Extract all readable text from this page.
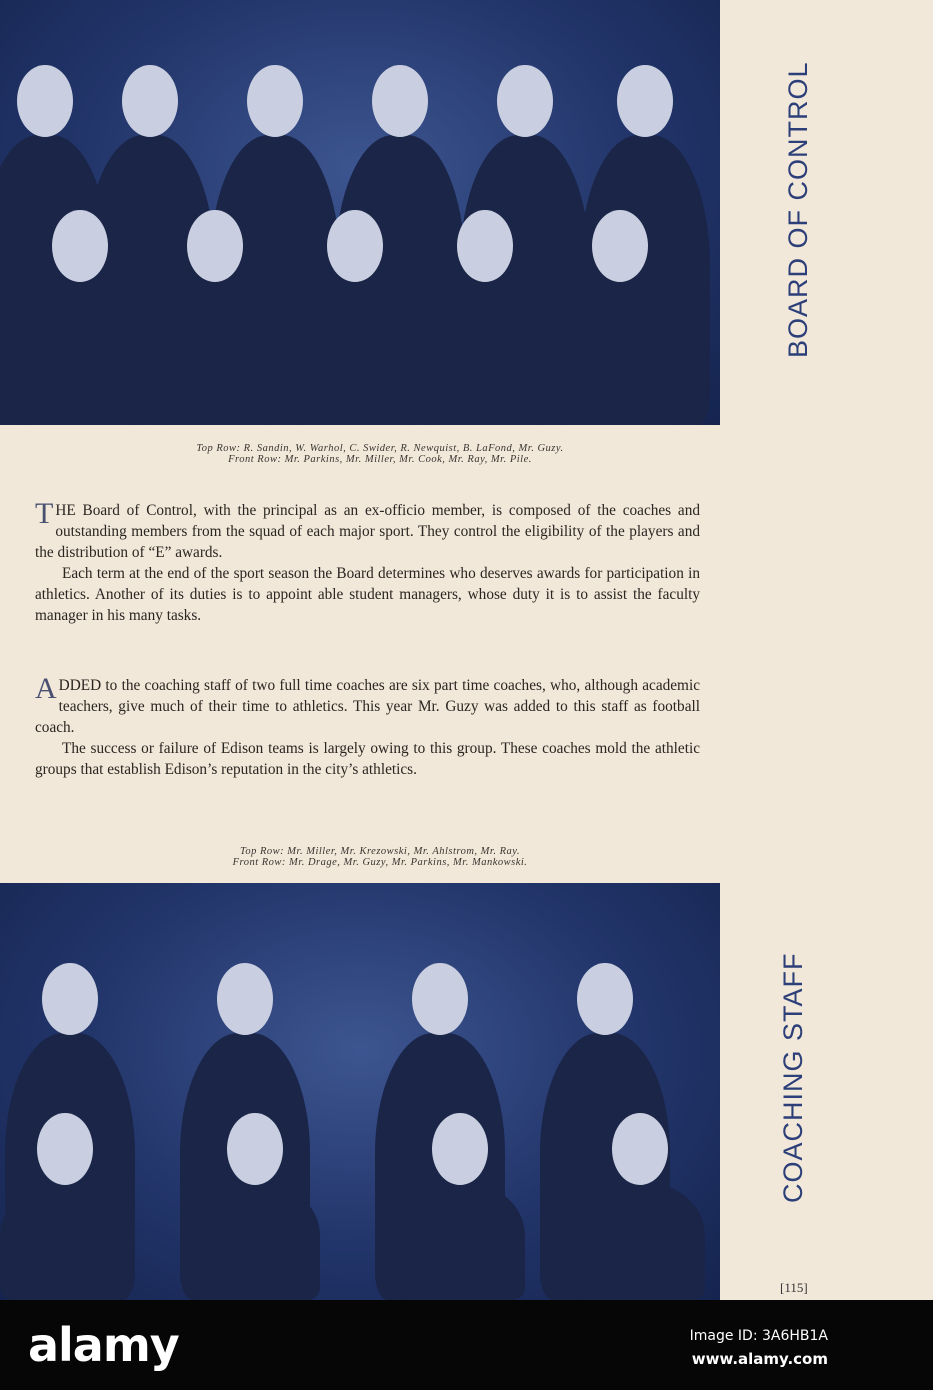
Top Row: R. Sandin, W. Warhol, C. Swider, R. Newquist, B. LaFond, Mr. Guzy.
Front Row: Mr. Parkins, Mr. Miller, Mr. Cook, Mr. Ray, Mr. Pile.

THE Board of Control, with the principal as an ex-officio member, is composed of the coaches and outstanding members from the squad of each major sport. They control the eligibility of the players and the distribution of “E” awards.

Each term at the end of the sport season the Board determines who deserves awards for participation in athletics. Another of its duties is to appoint able student managers, whose duty it is to assist the faculty manager in his many tasks.

ADDED to the coaching staff of two full time coaches are six part time coaches, who, although academic teachers, give much of their time to athletics. This year Mr. Guzy was added to this staff as football coach.

The success or failure of Edison teams is largely owing to this group. These coaches mold the athletic groups that establish Edison’s reputation in the city’s athletics.

Top Row: Mr. Miller, Mr. Krezowski, Mr. Ahlstrom, Mr. Ray.
Front Row: Mr. Drage, Mr. Guzy, Mr. Parkins, Mr. Mankowski.
BOARD OF CONTROL
COACHING STAFF
[115]
alamy	Image ID: 3A6HB1A
www.alamy.com
